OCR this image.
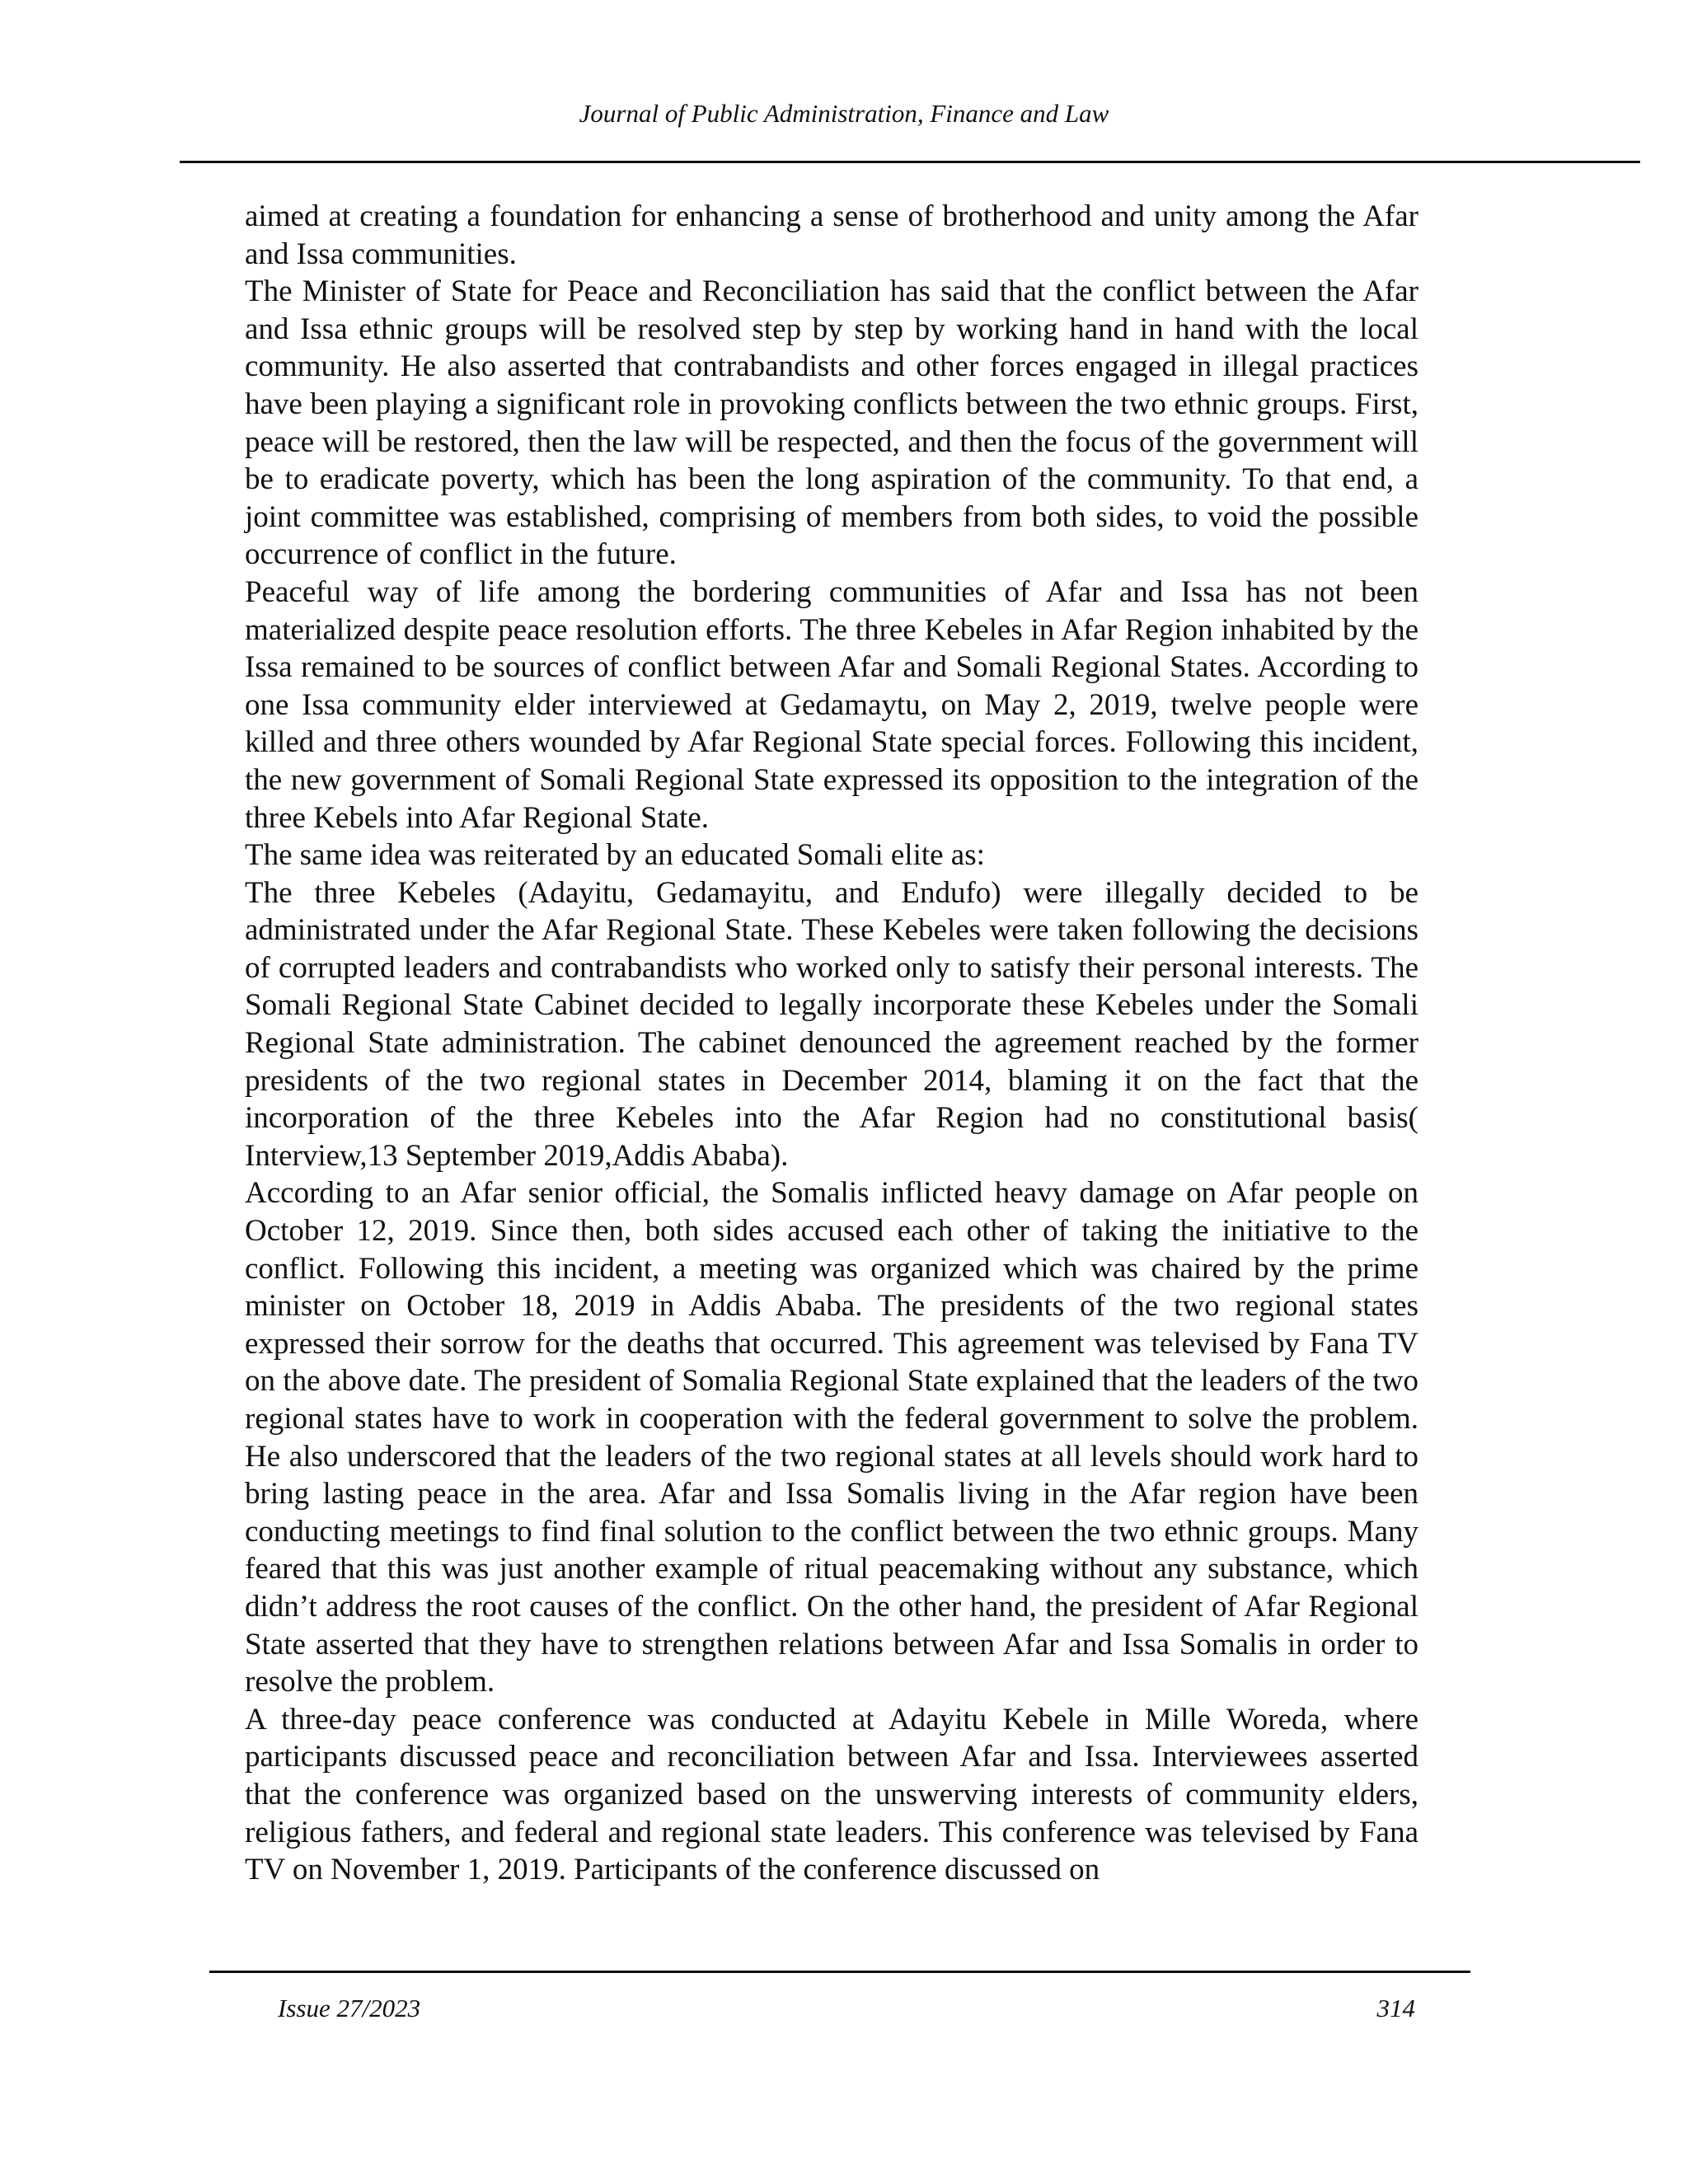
Journal of Public Administration, Finance and Law

aimed at creating a foundation for enhancing a sense of brotherhood and unity among the Afar and Issa communities.

The Minister of State for Peace and Reconciliation has said that the conflict between the Afar and Issa ethnic groups will be resolved step by step by working hand in hand with the local community. He also asserted that contrabandists and other forces engaged in illegal practices have been playing a significant role in provoking conflicts between the two ethnic groups. First, peace will be restored, then the law will be respected, and then the focus of the government will be to eradicate poverty, which has been the long aspiration of the community. To that end, a joint committee was established, comprising of members from both sides, to void the possible occurrence of conflict in the future.

Peaceful way of life among the bordering communities of Afar and Issa has not been materialized despite peace resolution efforts. The three Kebeles in Afar Region inhabited by the Issa remained to be sources of conflict between Afar and Somali Regional States. According to one Issa community elder interviewed at Gedamaytu, on May 2, 2019, twelve people were killed and three others wounded by Afar Regional State special forces. Following this incident, the new government of Somali Regional State expressed its opposition to the integration of the three Kebels into Afar Regional State.

The same idea was reiterated by an educated Somali elite as:

The three Kebeles (Adayitu, Gedamayitu, and Endufo) were illegally decided to be administrated under the Afar Regional State. These Kebeles were taken following the decisions of corrupted leaders and contrabandists who worked only to satisfy their personal interests. The Somali Regional State Cabinet decided to legally incorporate these Kebeles under the Somali Regional State administration. The cabinet denounced the agreement reached by the former presidents of the two regional states in December 2014, blaming it on the fact that the incorporation of the three Kebeles into the Afar Region had no constitutional basis( Interview,13 September 2019,Addis Ababa).

According to an Afar senior official, the Somalis inflicted heavy damage on Afar people on October 12, 2019. Since then, both sides accused each other of taking the initiative to the conflict. Following this incident, a meeting was organized which was chaired by the prime minister on October 18, 2019 in Addis Ababa. The presidents of the two regional states expressed their sorrow for the deaths that occurred. This agreement was televised by Fana TV on the above date. The president of Somalia Regional State explained that the leaders of the two regional states have to work in cooperation with the federal government to solve the problem. He also underscored that the leaders of the two regional states at all levels should work hard to bring lasting peace in the area. Afar and Issa Somalis living in the Afar region have been conducting meetings to find final solution to the conflict between the two ethnic groups. Many feared that this was just another example of ritual peacemaking without any substance, which didn’t address the root causes of the conflict. On the other hand, the president of Afar Regional State asserted that they have to strengthen relations between Afar and Issa Somalis in order to resolve the problem.

A three-day peace conference was conducted at Adayitu Kebele in Mille Woreda, where participants discussed peace and reconciliation between Afar and Issa. Interviewees asserted that the conference was organized based on the unswerving interests of community elders, religious fathers, and federal and regional state leaders. This conference was televised by Fana TV on November 1, 2019. Participants of the conference discussed on

Issue 27/2023	314
